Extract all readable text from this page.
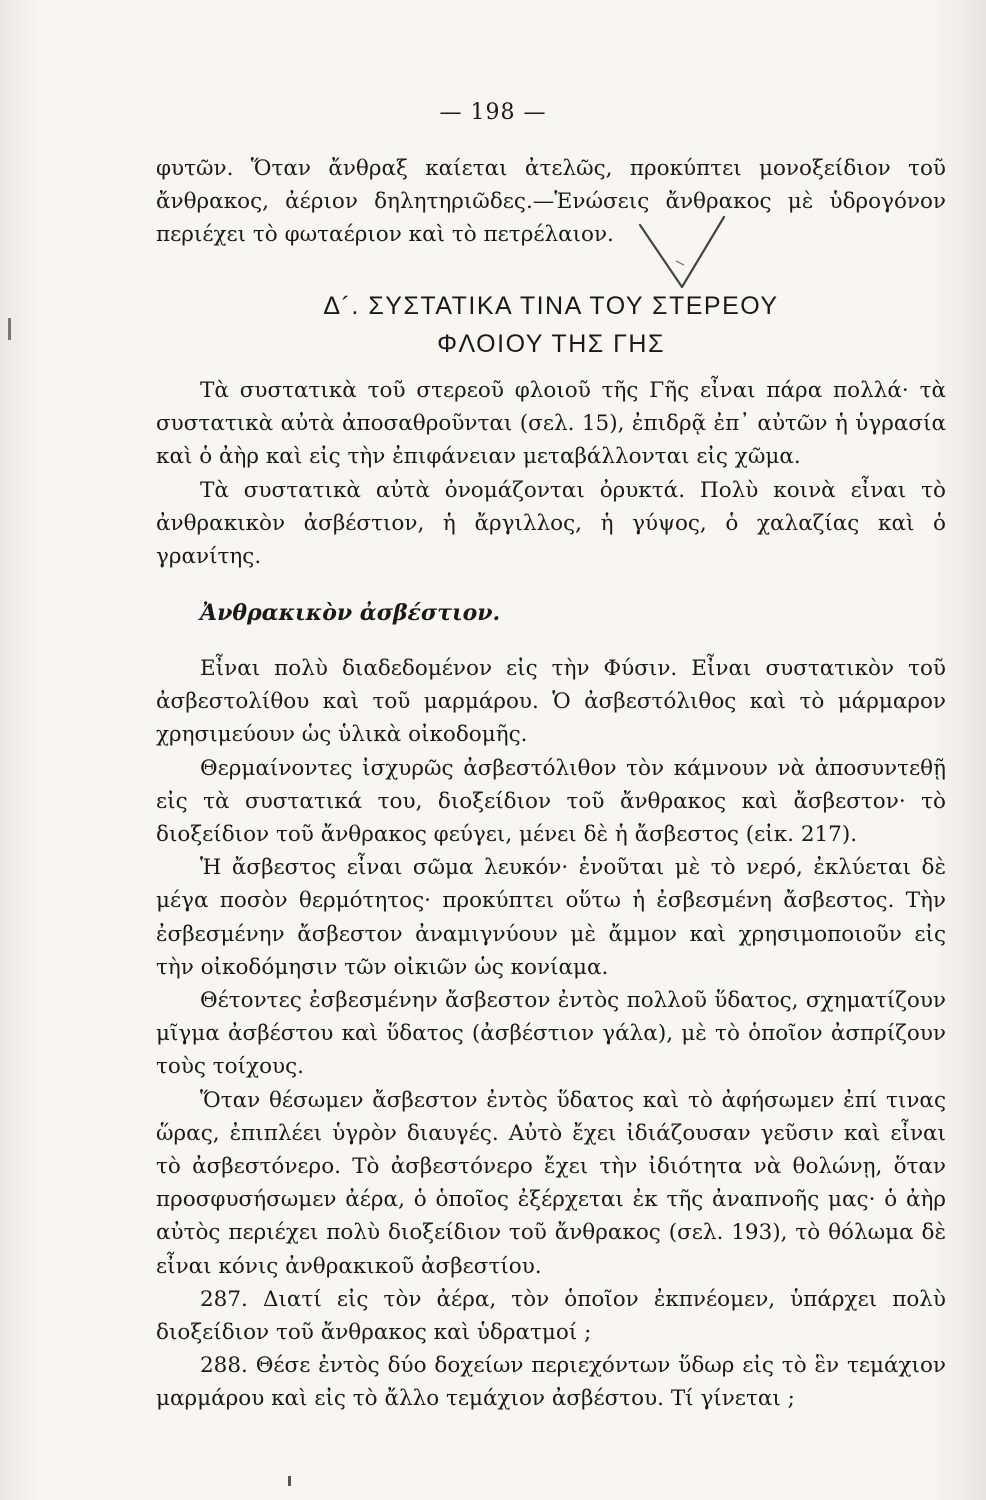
— 198 —

φυτῶν. Ὅταν ἄνθραξ καίεται ἀτελῶς, προκύπτει μονοξείδιον τοῦ ἄνθρακος, ἀέριον δηλητηριῶδες.—Ἑνώσεις ἄνθρακος μὲ ὑδρογόνον περιέχει τὸ φωταέριον καὶ τὸ πετρέλαιον.

Δ´. ΣΥΣΤΑΤΙΚΑ ΤΙΝΑ ΤΟΥ ΣΤΕΡΕΟΥ
ΦΛΟΙΟΥ ΤΗΣ ΓΗΣ

Τὰ συστατικὰ τοῦ στερεοῦ φλοιοῦ τῆς Γῆς εἶναι πάρα πολλά· τὰ συστατικὰ αὐτὰ ἀποσαθροῦνται (σελ. 15), ἐπιδρᾷ ἐπ᾽ αὐτῶν ἡ ὑγρασία καὶ ὁ ἀὴρ καὶ εἰς τὴν ἐπιφάνειαν μεταβάλλονται εἰς χῶμα.

Τὰ συστατικὰ αὐτὰ ὀνομάζονται ὀρυκτά. Πολὺ κοινὰ εἶναι τὸ ἀνθρακικὸν ἀσβέστιον, ἡ ἄργιλλος, ἡ γύψος, ὁ χαλαζίας καὶ ὁ γρανίτης.

Ἀνθρακικὸν ἀσβέστιον.

Εἶναι πολὺ διαδεδομένον εἰς τὴν Φύσιν. Εἶναι συστατικὸν τοῦ ἀσβεστολίθου καὶ τοῦ μαρμάρου. Ὁ ἀσβεστόλιθος καὶ τὸ μάρμαρον χρησιμεύουν ὡς ὑλικὰ οἰκοδομῆς.

Θερμαίνοντες ἰσχυρῶς ἀσβεστόλιθον τὸν κάμνουν νὰ ἀποσυντεθῇ εἰς τὰ συστατικά του, διοξείδιον τοῦ ἄνθρακος καὶ ἄσβεστον· τὸ διοξείδιον τοῦ ἄνθρακος φεύγει, μένει δὲ ἡ ἄσβεστος (εἰκ. 217).

Ἡ ἄσβεστος εἶναι σῶμα λευκόν· ἑνοῦται μὲ τὸ νερό, ἐκλύεται δὲ μέγα ποσὸν θερμότητος· προκύπτει οὕτω ἡ ἐσβεσμένη ἄσβεστος. Τὴν ἐσβεσμένην ἄσβεστον ἀναμιγνύουν μὲ ἄμμον καὶ χρησιμοποιοῦν εἰς τὴν οἰκοδόμησιν τῶν οἰκιῶν ὡς κονίαμα.

Θέτοντες ἐσβεσμένην ἄσβεστον ἐντὸς πολλοῦ ὕδατος, σχηματίζουν μῖγμα ἀσβέστου καὶ ὕδατος (ἀσβέστιον γάλα), μὲ τὸ ὁποῖον ἀσπρίζουν τοὺς τοίχους.

Ὅταν θέσωμεν ἄσβεστον ἐντὸς ὕδατος καὶ τὸ ἀφήσωμεν ἐπί τινας ὥρας, ἐπιπλέει ὑγρὸν διαυγές. Αὐτὸ ἔχει ἰδιάζουσαν γεῦσιν καὶ εἶναι τὸ ἀσβεστόνερο. Τὸ ἀσβεστόνερο ἔχει τὴν ἰδιότητα νὰ θολώνῃ, ὅταν προσφυσήσωμεν ἀέρα, ὁ ὁποῖος ἐξέρχεται ἐκ τῆς ἀναπνοῆς μας· ὁ ἀὴρ αὐτὸς περιέχει πολὺ διοξείδιον τοῦ ἄνθρακος (σελ. 193), τὸ θόλωμα δὲ εἶναι κόνις ἀνθρακικοῦ ἀσβεστίου.

287. Διατί εἰς τὸν ἀέρα, τὸν ὁποῖον ἐκπνέομεν, ὑπάρχει πολὺ διοξείδιον τοῦ ἄνθρακος καὶ ὑδρατμοί ;

288. Θέσε ἐντὸς δύο δοχείων περιεχόντων ὕδωρ εἰς τὸ ἓν τεμάχιον μαρμάρου καὶ εἰς τὸ ἄλλο τεμάχιον ἀσβέστου. Τί γίνεται ;
